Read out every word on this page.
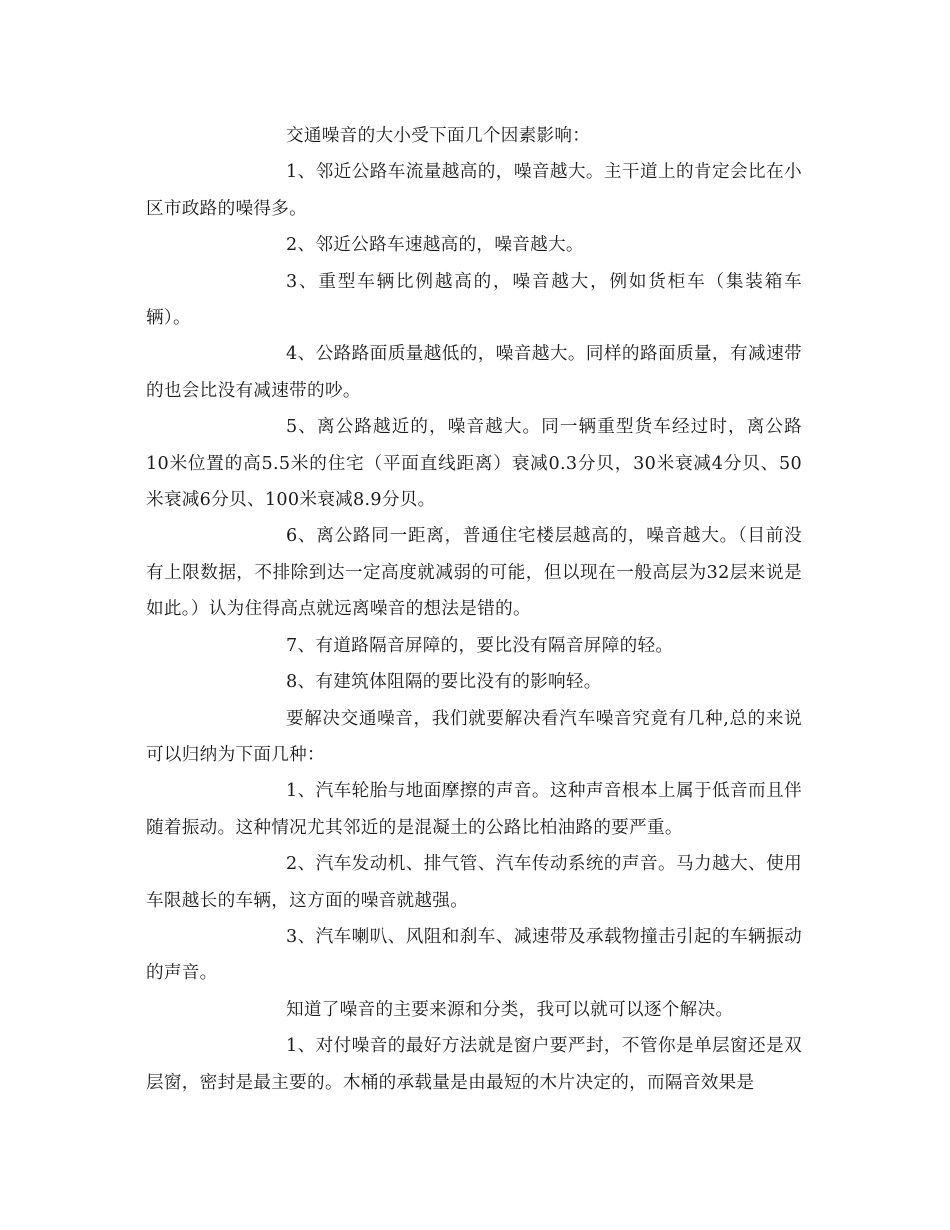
交通噪音的大小受下面几个因素影响：

1、邻近公路车流量越高的，噪音越大。主干道上的肯定会比在小区市政路的噪得多。

2、邻近公路车速越高的，噪音越大。

3、重型车辆比例越高的，噪音越大，例如货柜车（集装箱车辆）。

4、公路路面质量越低的，噪音越大。同样的路面质量，有减速带的也会比没有减速带的吵。

5、离公路越近的，噪音越大。同一辆重型货车经过时，离公路10米位置的高5.5米的住宅（平面直线距离）衰减0.3分贝，30米衰减4分贝、50米衰减6分贝、100米衰减8.9分贝。

6、离公路同一距离，普通住宅楼层越高的，噪音越大。（目前没有上限数据，不排除到达一定高度就减弱的可能，但以现在一般高层为32层来说是如此。）认为住得高点就远离噪音的想法是错的。

7、有道路隔音屏障的，要比没有隔音屏障的轻。

8、有建筑体阻隔的要比没有的影响轻。

要解决交通噪音，我们就要解决看汽车噪音究竟有几种,总的来说可以归纳为下面几种：

1、汽车轮胎与地面摩擦的声音。这种声音根本上属于低音而且伴随着振动。这种情况尤其邻近的是混凝土的公路比柏油路的要严重。

2、汽车发动机、排气管、汽车传动系统的声音。马力越大、使用车限越长的车辆，这方面的噪音就越强。

3、汽车喇叭、风阻和刹车、减速带及承载物撞击引起的车辆振动的声音。

知道了噪音的主要来源和分类，我可以就可以逐个解决。

1、对付噪音的最好方法就是窗户要严封，不管你是单层窗还是双层窗，密封是最主要的。木桶的承载量是由最短的木片决定的，而隔音效果是
